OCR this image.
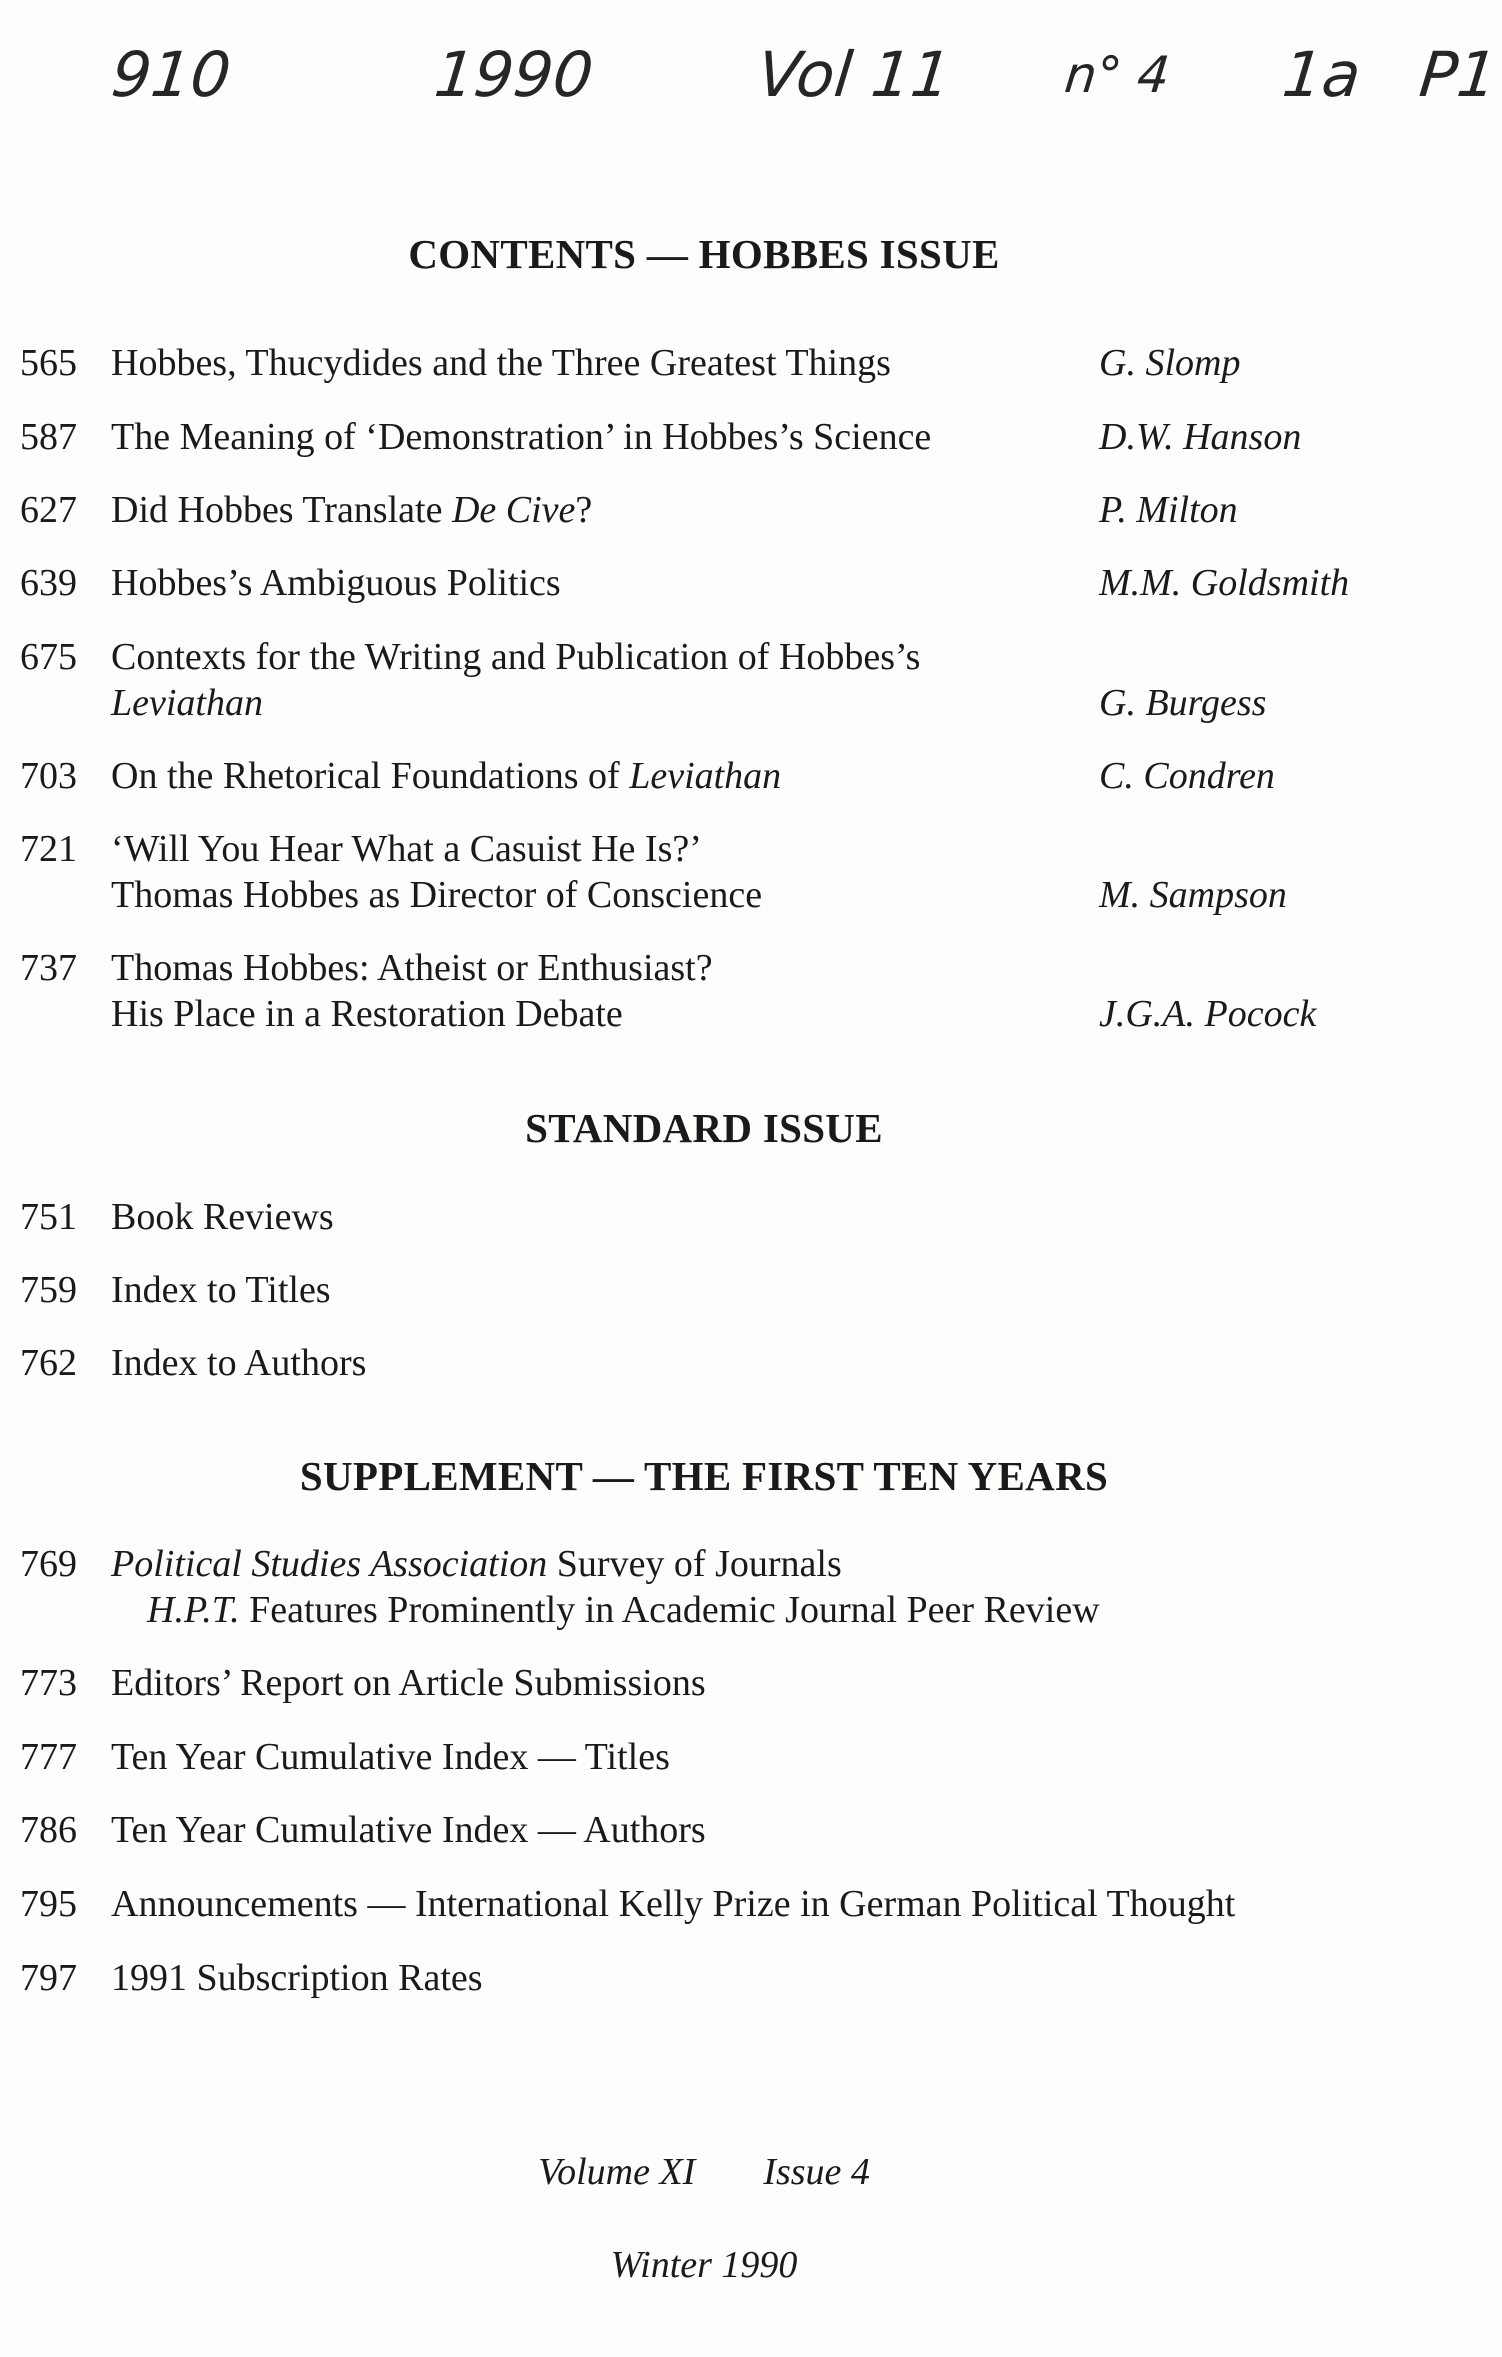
910	1990	Vol 11 n° 4 1a P1
CONTENTS — HOBBES ISSUE
565 Hobbes, Thucydides and the Three Greatest Things	G. Slomp
587 The Meaning of ‘Demonstration’ in Hobbes’s Science	D.W. Hanson
627 Did Hobbes Translate De Cive?	P. Milton
639 Hobbes’s Ambiguous Politics	M.M. Goldsmith
675 Contexts for the Writing and Publication of Hobbes’s
Leviathan	G. Burgess
703 On the Rhetorical Foundations of Leviathan	C. Condren
721 ‘Will You Hear What a Casuist He Is?’
Thomas Hobbes as Director of Conscience	M. Sampson
737 Thomas Hobbes: Atheist or Enthusiast?
His Place in a Restoration Debate	J.G.A. Pocock
STANDARD ISSUE
751 Book Reviews
759 Index to Titles
762 Index to Authors
SUPPLEMENT — THE FIRST TEN YEARS
769 Political Studies Association Survey of Journals
H.P.T. Features Prominently in Academic Journal Peer Review
773 Editors’ Report on Article Submissions
777 Ten Year Cumulative Index — Titles
786 Ten Year Cumulative Index — Authors
795 Announcements — International Kelly Prize in German Political Thought
797 1991 Subscription Rates
Volume XI Issue 4
Winter 1990
